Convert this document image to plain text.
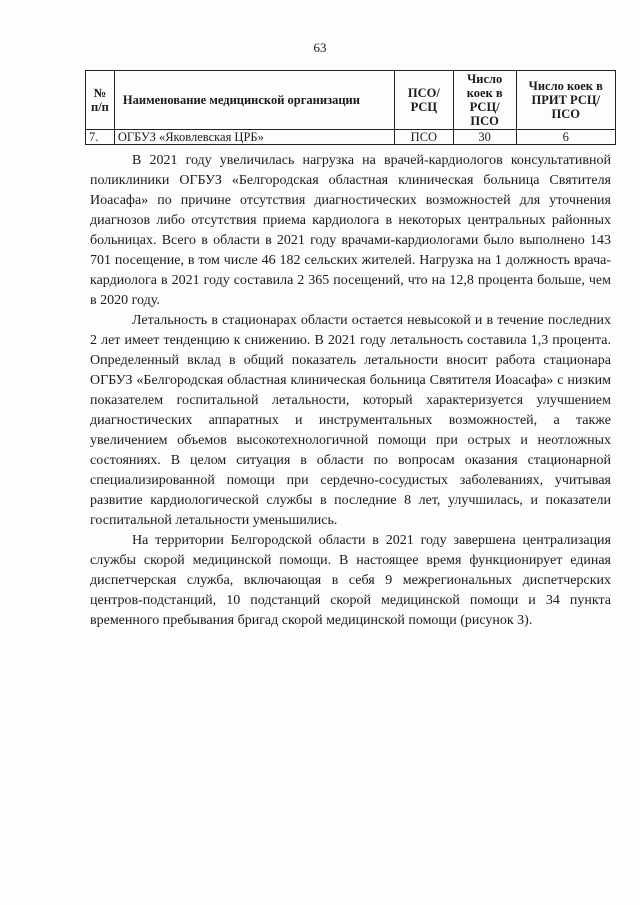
63
№ п/п	Наименование медицинской организации	ПСО/ РСЦ	Число коек в РСЦ/ ПСО	Число коек в ПРИТ РСЦ/ПСО
7.	ОГБУЗ «Яковлевская ЦРБ»	ПСО	30	6

В 2021 году увеличилась нагрузка на врачей-кардиологов консультативной поликлиники ОГБУЗ «Белгородская областная клиническая больница Святителя Иоасафа» по причине отсутствия диагностических возможностей для уточнения диагнозов либо отсутствия приема кардиолога в некоторых центральных районных больницах. Всего в области в 2021 году врачами-кардиологами было выполнено 143 701 посещение, в том числе 46 182 сельских жителей. Нагрузка на 1 должность врача-кардиолога в 2021 году составила 2 365 посещений, что на 12,8 процента больше, чем в 2020 году.

Летальность в стационарах области остается невысокой и в течение последних 2 лет имеет тенденцию к снижению. В 2021 году летальность составила 1,3 процента. Определенный вклад в общий показатель летальности вносит работа стационара ОГБУЗ «Белгородская областная клиническая больница Святителя Иоасафа» с низким показателем госпитальной летальности, который характеризуется улучшением диагностических аппаратных и инструментальных возможностей, а также увеличением объемов высокотехнологичной помощи при острых и неотложных состояниях. В целом ситуация в области по вопросам оказания стационарной специализированной помощи при сердечно-сосудистых заболеваниях, учитывая развитие кардиологической службы в последние 8 лет, улучшилась, и показатели госпитальной летальности уменьшились.

На территории Белгородской области в 2021 году завершена централизация службы скорой медицинской помощи. В настоящее время функционирует единая диспетчерская служба, включающая в себя 9 межрегиональных диспетчерских центров-подстанций, 10 подстанций скорой медицинской помощи и 34 пункта временного пребывания бригад скорой медицинской помощи (рисунок 3).
